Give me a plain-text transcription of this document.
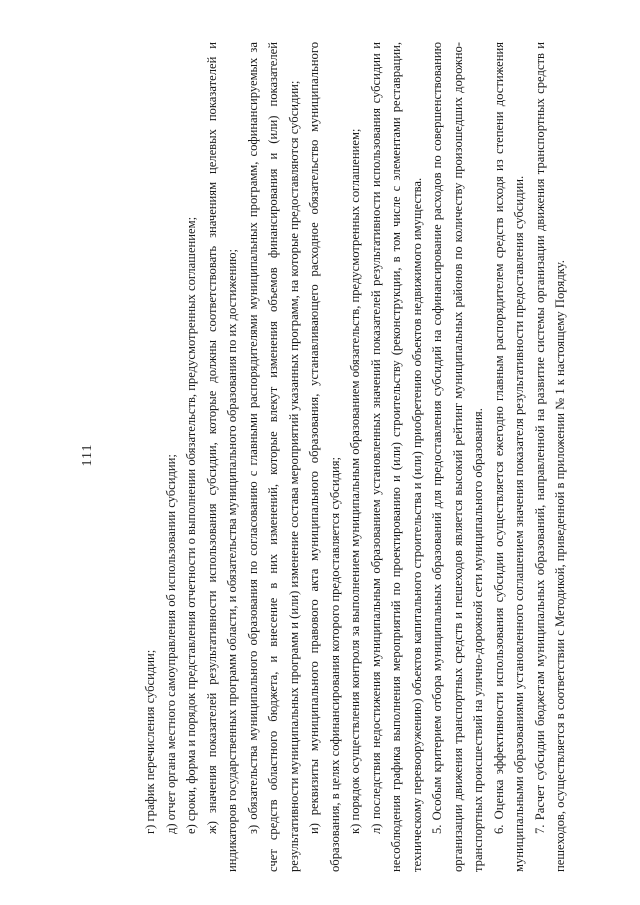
111

г) график перечисления субсидии; д) отчет органа местного самоуправления об использовании субсидии; е) сроки, форма и порядок представления отчетности о выполнении обязательств, предусмотренных соглашением; ж) значения показателей результативности использования субсидии, которые должны соответствовать значениям целевых показателей и индикаторов государственных программ области, и обязательства муниципального образования по их достижению; з) обязательства муниципального образования по согласованию с главными распорядителями муниципальных программ, софинансируемых за счет средств областного бюджета, и внесение в них изменений, которые влекут изменения объемов финансирования и (или) показателей результативности муниципальных программ и (или) изменение состава мероприятий указанных программ, на которые предоставляются субсидии; и) реквизиты муниципального правового акта муниципального образования, устанавливающего расходное обязательство муниципального образования, в целях софинансирования которого предоставляется субсидия; к) порядок осуществления контроля за выполнением муниципальным образованием обязательств, предусмотренных соглашением; л) последствия недостижения муниципальным образованием установленных значений показателей результативности использования субсидии и несоблюдения графика выполнения мероприятий по проектированию и (или) строительству (реконструкции, в том числе с элементами реставрации, техническому перевооружению) объектов капитального строительства и (или) приобретению объектов недвижимого имущества. 5. Особым критерием отбора муниципальных образований для предоставления субсидий на софинансирование расходов по совершенствованию организации движения транспортных средств и пешеходов является высокий рейтинг муниципальных районов по количеству произошедших дорожно-транспортных происшествий на улично-дорожной сети муниципального образования. 6. Оценка эффективности использования субсидии осуществляется ежегодно главным распорядителем средств исходя из степени достижения муниципальными образованиями установленного соглашением значения показателя результативности предоставления субсидии. 7. Расчет субсидии бюджетам муниципальных образований, направленной на развитие системы организации движения транспортных средств и пешеходов, осуществляется в соответствии с Методикой, приведенной в приложении № 1 к настоящему Порядку.
